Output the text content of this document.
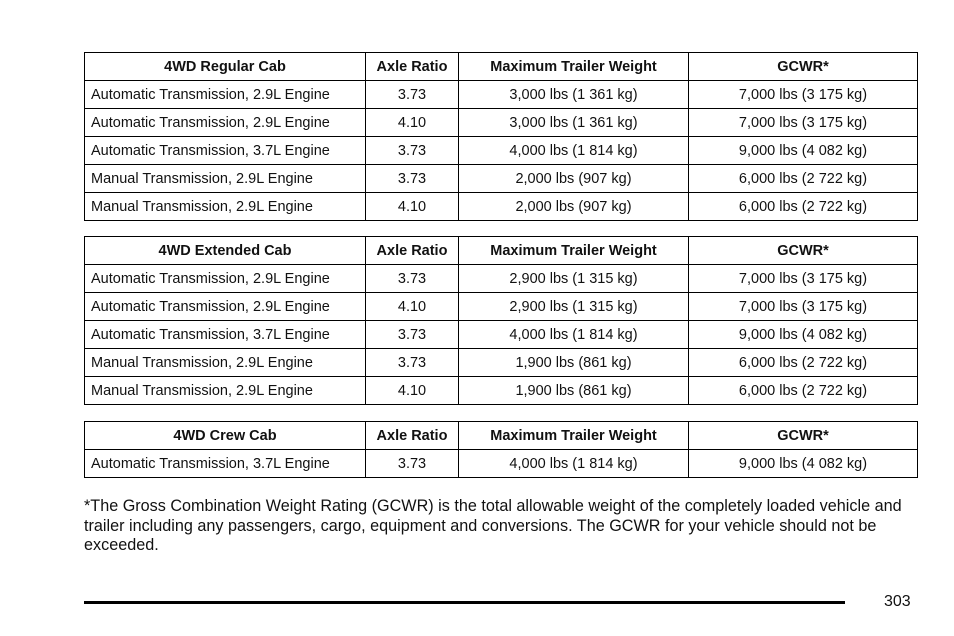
4WD Regular Cab	Axle Ratio	Maximum Trailer Weight	GCWR*
Automatic Transmission, 2.9L Engine	3.73	3,000 lbs (1 361 kg)	7,000 lbs (3 175 kg)
Automatic Transmission, 2.9L Engine	4.10	3,000 lbs (1 361 kg)	7,000 lbs (3 175 kg)
Automatic Transmission, 3.7L Engine	3.73	4,000 lbs (1 814 kg)	9,000 lbs (4 082 kg)
Manual Transmission, 2.9L Engine	3.73	2,000 lbs (907 kg)	6,000 lbs (2 722 kg)
Manual Transmission, 2.9L Engine	4.10	2,000 lbs (907 kg)	6,000 lbs (2 722 kg)
4WD Extended Cab	Axle Ratio	Maximum Trailer Weight	GCWR*
Automatic Transmission, 2.9L Engine	3.73	2,900 lbs (1 315 kg)	7,000 lbs (3 175 kg)
Automatic Transmission, 2.9L Engine	4.10	2,900 lbs (1 315 kg)	7,000 lbs (3 175 kg)
Automatic Transmission, 3.7L Engine	3.73	4,000 lbs (1 814 kg)	9,000 lbs (4 082 kg)
Manual Transmission, 2.9L Engine	3.73	1,900 lbs (861 kg)	6,000 lbs (2 722 kg)
Manual Transmission, 2.9L Engine	4.10	1,900 lbs (861 kg)	6,000 lbs (2 722 kg)
4WD Crew Cab	Axle Ratio	Maximum Trailer Weight	GCWR*
Automatic Transmission, 3.7L Engine	3.73	4,000 lbs (1 814 kg)	9,000 lbs (4 082 kg)

*The Gross Combination Weight Rating (GCWR) is the total allowable weight of the completely loaded vehicle and trailer including any passengers, cargo, equipment and conversions. The GCWR for your vehicle should not be exceeded.

303
